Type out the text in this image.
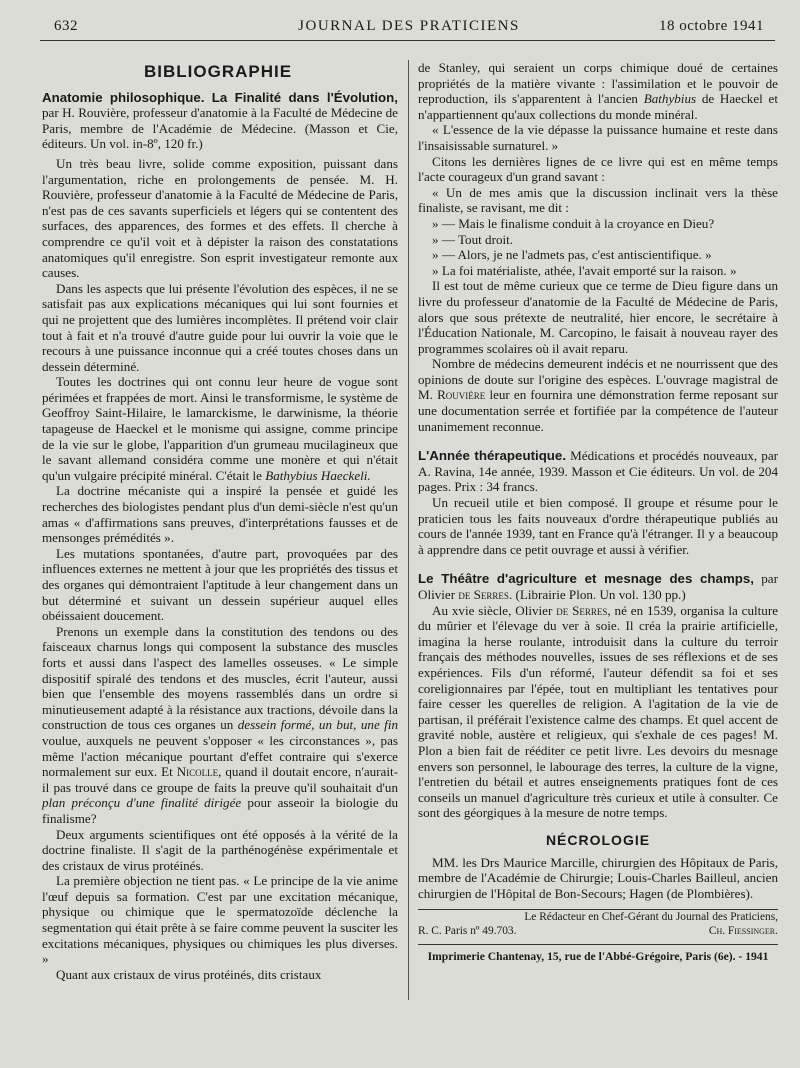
632	JOURNAL DES PRATICIENS	18 octobre 1941
BIBLIOGRAPHIE

Anatomie philosophique. La Finalité dans l'Évolution, par H. Rouvière, professeur d'anatomie à la Faculté de Médecine de Paris, membre de l'Académie de Médecine. (Masson et Cie, éditeurs. Un vol. in-8º, 120 fr.)

Un très beau livre, solide comme exposition, puissant dans l'argumentation, riche en prolongements de pensée. M. H. Rouvière, professeur d'anatomie à la Faculté de Médecine de Paris, n'est pas de ces savants superficiels et légers qui se contentent des surfaces, des apparences, des formes et des effets. Il cherche à comprendre ce qu'il voit et à dépister la raison des constatations anatomiques qu'il enregistre. Son esprit investigateur remonte aux causes.

Dans les aspects que lui présente l'évolution des espèces, il ne se satisfait pas aux explications mécaniques qui lui sont fournies et qui ne projettent que des lumières incomplètes. Il prétend voir clair tout à fait et n'a trouvé d'autre guide pour lui ouvrir la voie que le recours à une puissance inconnue qui a créé toutes choses dans un dessein déterminé.

Toutes les doctrines qui ont connu leur heure de vogue sont périmées et frappées de mort. Ainsi le transformisme, le système de Geoffroy Saint-Hilaire, le lamarckisme, le darwinisme, la théorie tapageuse de Haeckel et le monisme qui assigne, comme principe de la vie sur le globe, l'apparition d'un grumeau mucilagineux que le savant allemand considéra comme une monère et qui n'était qu'un vulgaire précipité minéral. C'était le Bathybius Haeckeli.

La doctrine mécaniste qui a inspiré la pensée et guidé les recherches des biologistes pendant plus d'un demi-siècle n'est qu'un amas « d'affirmations sans preuves, d'interprétations fausses et de mensonges prémédités ».

Les mutations spontanées, d'autre part, provoquées par des influences externes ne mettent à jour que les propriétés des tissus et des organes qui démontraient l'aptitude à leur changement dans un but déterminé et suivant un dessein supérieur auquel elles obéissaient doucement.

Prenons un exemple dans la constitution des tendons ou des faisceaux charnus longs qui composent la substance des muscles forts et aussi dans l'aspect des lamelles osseuses. « Le simple dispositif spiralé des tendons et des muscles, écrit l'auteur, aussi bien que l'ensemble des moyens rassemblés dans un ordre si minutieusement adapté à la résistance aux tractions, dévoile dans la construction de tous ces organes un dessein formé, un but, une fin voulue, auxquels ne peuvent s'opposer « les circonstances », pas même l'action mécanique pourtant d'effet contraire qui s'exerce normalement sur eux. Et Nicolle, quand il doutait encore, n'aurait-il pas trouvé dans ce groupe de faits la preuve qu'il souhaitait d'un plan préconçu d'une finalité dirigée pour asseoir la biologie du finalisme?

Deux arguments scientifiques ont été opposés à la vérité de la doctrine finaliste. Il s'agit de la parthénogénèse expérimentale et des cristaux de virus protéinés.

La première objection ne tient pas. « Le principe de la vie anime l'œuf depuis sa formation. C'est par une excitation mécanique, physique ou chimique que le spermatozoïde déclenche la segmentation qui était prête à se faire comme peuvent la susciter les excitations mécaniques, physiques ou chimiques les plus diverses. »

Quant aux cristaux de virus protéinés, dits cristaux

de Stanley, qui seraient un corps chimique doué de certaines propriétés de la matière vivante : l'assimilation et le pouvoir de reproduction, ils s'apparentent à l'ancien Bathybius de Haeckel et n'appartiennent qu'aux collections du monde minéral.

« L'essence de la vie dépasse la puissance humaine et reste dans l'insaisissable surnaturel. »

Citons les dernières lignes de ce livre qui est en même temps l'acte courageux d'un grand savant :

« Un de mes amis que la discussion inclinait vers la thèse finaliste, se ravisant, me dit :

» — Mais le finalisme conduit à la croyance en Dieu?

» — Tout droit.

» — Alors, je ne l'admets pas, c'est antiscientifique. »

» La foi matérialiste, athée, l'avait emporté sur la raison. »

Il est tout de même curieux que ce terme de Dieu figure dans un livre du professeur d'anatomie de la Faculté de Médecine de Paris, alors que sous prétexte de neutralité, hier encore, le secrétaire à l'Éducation Nationale, M. Carcopino, le faisait à nouveau rayer des programmes scolaires où il avait reparu.

Nombre de médecins demeurent indécis et ne nourrissent que des opinions de doute sur l'origine des espèces. L'ouvrage magistral de M. Rouvière leur en fournira une démonstration ferme reposant sur une documentation serrée et fortifiée par la compétence de l'auteur unanimement reconnue.

L'Année thérapeutique. Médications et procédés nouveaux, par A. Ravina, 14e année, 1939. Masson et Cie éditeurs. Un vol. de 204 pages. Prix : 34 francs.

Un recueil utile et bien composé. Il groupe et résume pour le praticien tous les faits nouveaux d'ordre thérapeutique publiés au cours de l'année 1939, tant en France qu'à l'étranger. Il y a beaucoup à apprendre dans ce petit ouvrage et aussi à vérifier.

Le Théâtre d'agriculture et mesnage des champs, par Olivier de Serres. (Librairie Plon. Un vol. 130 pp.)

Au xvie siècle, Olivier de Serres, né en 1539, organisa la culture du mûrier et l'élevage du ver à soie. Il créa la prairie artificielle, imagina la herse roulante, introduisit dans la culture du terroir français des méthodes nouvelles, issues de ses réflexions et de ses expériences. Fils d'un réformé, l'auteur défendit sa foi et ses coreligionnaires par l'épée, tout en multipliant les tentatives pour faire cesser les querelles de religion. A l'agitation de la vie de partisan, il préférait l'existence calme des champs. Et quel accent de gravité noble, austère et religieux, qui s'exhale de ces pages! M. Plon a bien fait de rééditer ce petit livre. Les devoirs du mesnage envers son personnel, le labourage des terres, la culture de la vigne, l'entretien du bétail et autres enseignements pratiques font de ces conseils un manuel d'agriculture très curieux et utile à consulter. Ce sont des géorgiques à la mesure de notre temps.

NÉCROLOGIE

MM. les Drs Maurice Marcille, chirurgien des Hôpitaux de Paris, membre de l'Académie de Chirurgie; Louis-Charles Bailleul, ancien chirurgien de l'Hôpital de Bon-Secours; Hagen (de Plombières).

Le Rédacteur en Chef-Gérant du Journal des Praticiens,
R. C. Paris nº 49.703.	Ch. Fiessinger.

Imprimerie Chantenay, 15, rue de l'Abbé-Grégoire, Paris (6e). - 1941
